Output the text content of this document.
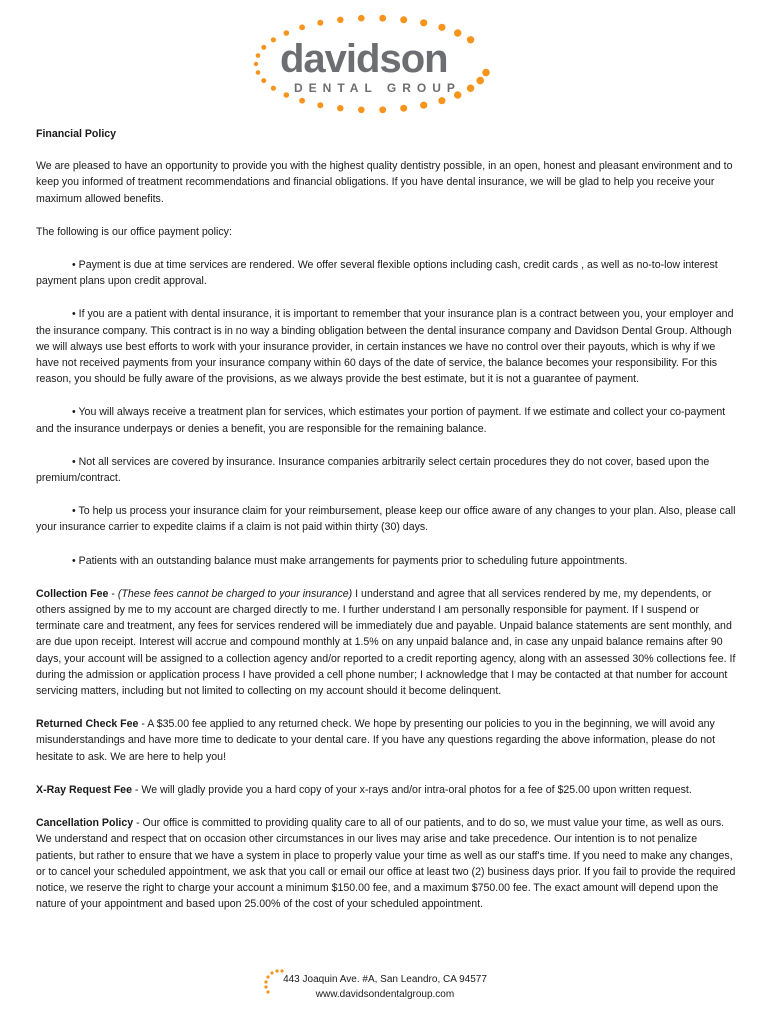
davidson
DENTAL GROUP

Financial Policy

We are pleased to have an opportunity to provide you with the highest quality dentistry possible, in an open, honest and pleasant environment and to keep you informed of treatment recommendations and financial obligations. If you have dental insurance, we will be glad to help you receive your maximum allowed benefits.

The following is our office payment policy:

• Payment is due at time services are rendered. We offer several flexible options including cash, credit cards , as well as no-to-low interest payment plans upon credit approval.

• If you are a patient with dental insurance, it is important to remember that your insurance plan is a contract between you, your employer and the insurance company. This contract is in no way a binding obligation between the dental insurance company and Davidson Dental Group. Although we will always use best efforts to work with your insurance provider, in certain instances we have no control over their payouts, which is why if we have not received payments from your insurance company within 60 days of the date of service, the balance becomes your responsibility. For this reason, you should be fully aware of the provisions, as we always provide the best estimate, but it is not a guarantee of payment.

• You will always receive a treatment plan for services, which estimates your portion of payment. If we estimate and collect your co-payment and the insurance underpays or denies a benefit, you are responsible for the remaining balance.

• Not all services are covered by insurance. Insurance companies arbitrarily select certain procedures they do not cover, based upon the premium/contract.

• To help us process your insurance claim for your reimbursement, please keep our office aware of any changes to your plan. Also, please call your insurance carrier to expedite claims if a claim is not paid within thirty (30) days.

• Patients with an outstanding balance must make arrangements for payments prior to scheduling future appointments.

Collection Fee - (These fees cannot be charged to your insurance) I understand and agree that all services rendered by me, my dependents, or others assigned by me to my account are charged directly to me. I further understand I am personally responsible for payment. If I suspend or terminate care and treatment, any fees for services rendered will be immediately due and payable. Unpaid balance statements are sent monthly, and are due upon receipt. Interest will accrue and compound monthly at 1.5% on any unpaid balance and, in case any unpaid balance remains after 90 days, your account will be assigned to a collection agency and/or reported to a credit reporting agency, along with an assessed 30% collections fee. If during the admission or application process I have provided a cell phone number; I acknowledge that I may be contacted at that number for account servicing matters, including but not limited to collecting on my account should it become delinquent.

Returned Check Fee - A $35.00 fee applied to any returned check. We hope by presenting our policies to you in the beginning, we will avoid any misunderstandings and have more time to dedicate to your dental care. If you have any questions regarding the above information, please do not hesitate to ask. We are here to help you!

X-Ray Request Fee - We will gladly provide you a hard copy of your x-rays and/or intra-oral photos for a fee of $25.00 upon written request.

Cancellation Policy - Our office is committed to providing quality care to all of our patients, and to do so, we must value your time, as well as ours. We understand and respect that on occasion other circumstances in our lives may arise and take precedence. Our intention is to not penalize patients, but rather to ensure that we have a system in place to properly value your time as well as our staff's time. If you need to make any changes, or to cancel your scheduled appointment, we ask that you call or email our office at least two (2) business days prior. If you fail to provide the required notice, we reserve the right to charge your account a minimum $150.00 fee, and a maximum $750.00 fee. The exact amount will depend upon the nature of your appointment and based upon 25.00% of the cost of your scheduled appointment.

443 Joaquin Ave. #A, San Leandro, CA 94577
www.davidsondentalgroup.com
